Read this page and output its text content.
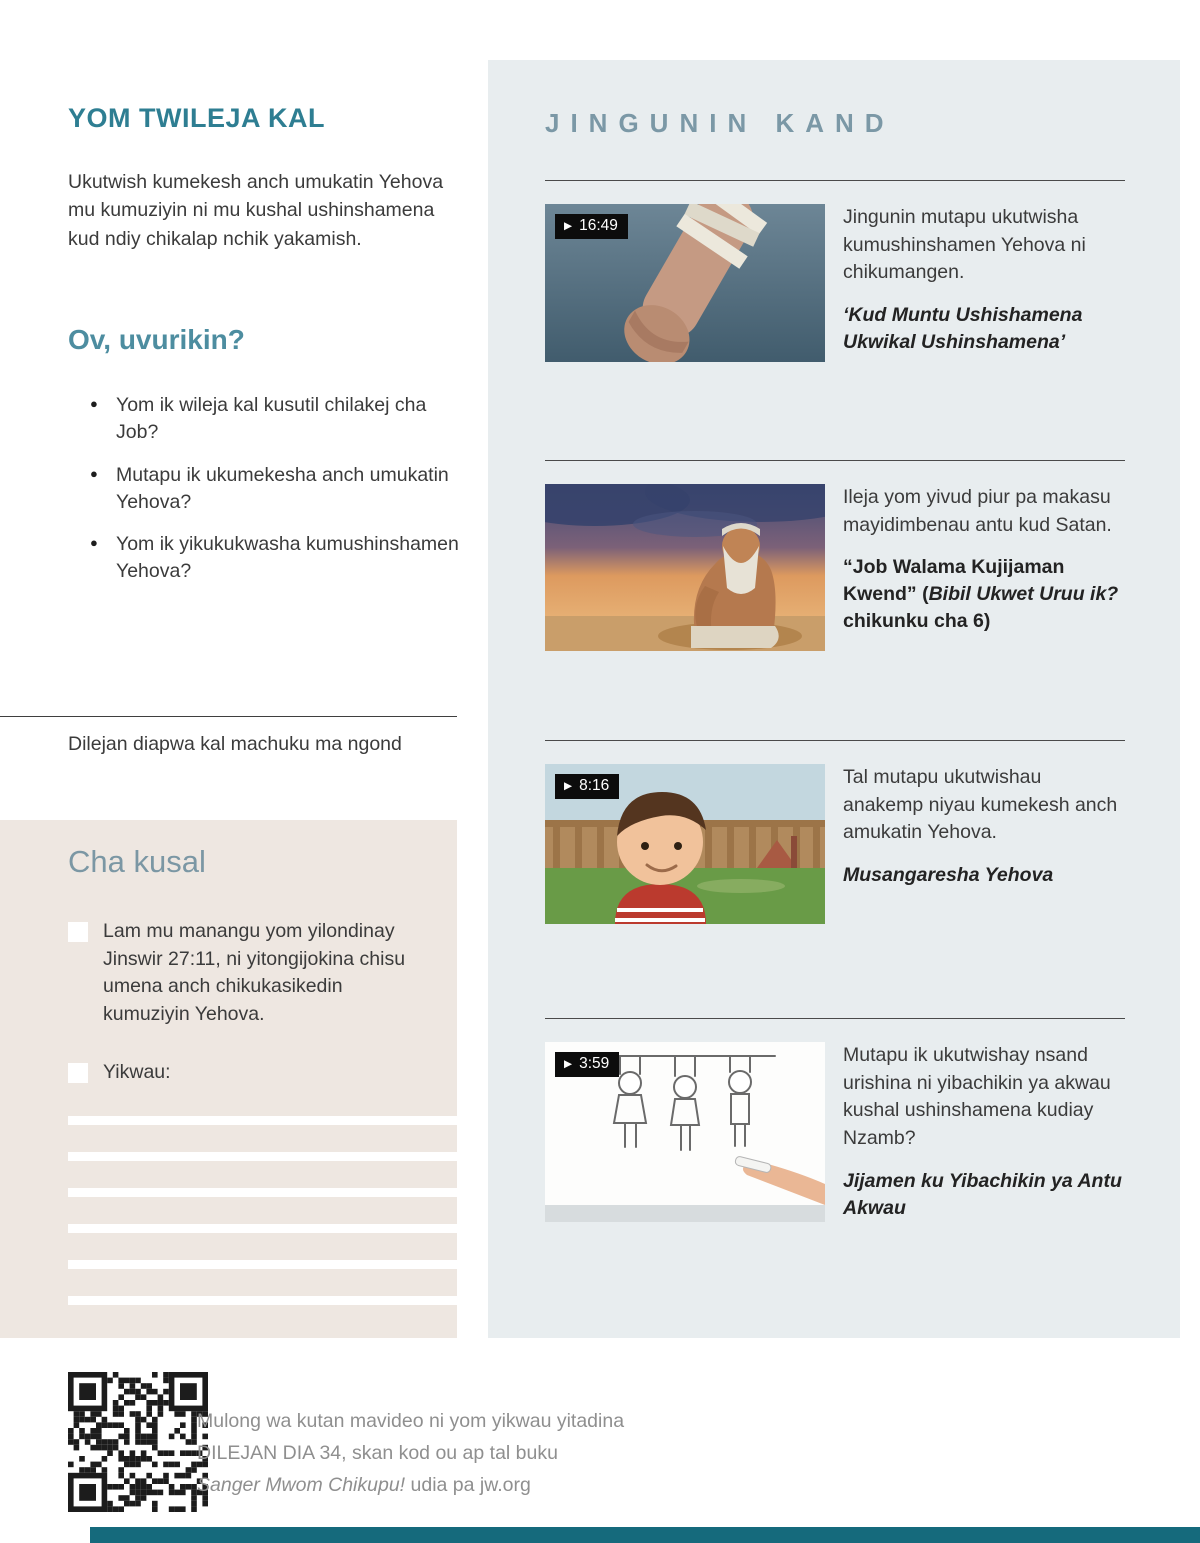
YOM TWILEJA KAL

Ukutwish kumekesh anch umukatin Yehova mu kumuziyin ni mu kushal ushinshamena kud ndiy chikalap nchik yakamish.

Ov, uvurikin?
● Yom ik wileja kal kusutil chilakej cha Job?
● Mutapu ik ukumekesha anch umukatin Yehova?
● Yom ik yikukukwasha kumushinshamen Yehova?

Dilejan diapwa kal machuku ma ngond

Cha kusal
Lam mu manangu yom yilondinay Jinswir 27:11, ni yitongijokina chisu umena anch chikukasikedin kumuziyin Yehova.
Yikwau:
JINGUNIN KAND
▶ 16:49	Jingunin mutapu ukutwisha kumushinshamen Yehova ni chikumangen.

‘Kud Muntu Ushishamena Ukwikal Ushinshamena’

Ileja yom yivud piur pa makasu mayidimbenau antu kud Satan.

“Job Walama Kujijaman Kwend” (Bibil Ukwet Uruu ik? chikunku cha 6)

▶ 8:16	Tal mutapu ukutwishau anakemp niyau kumekesh anch amukatin Yehova.

Musangaresha Yehova

▶ 3:59	Mutapu ik ukutwishay nsand urishina ni yibachikin ya akwau kushal ushinshamena kudiay Nzamb?

Jijamen ku Yibachikin ya Antu Akwau

Mulong wa kutan mavideo ni yom yikwau yitadina
DILEJAN DIA 34, skan kod ou ap tal buku
Sanger Mwom Chikupu! udia pa jw.org
